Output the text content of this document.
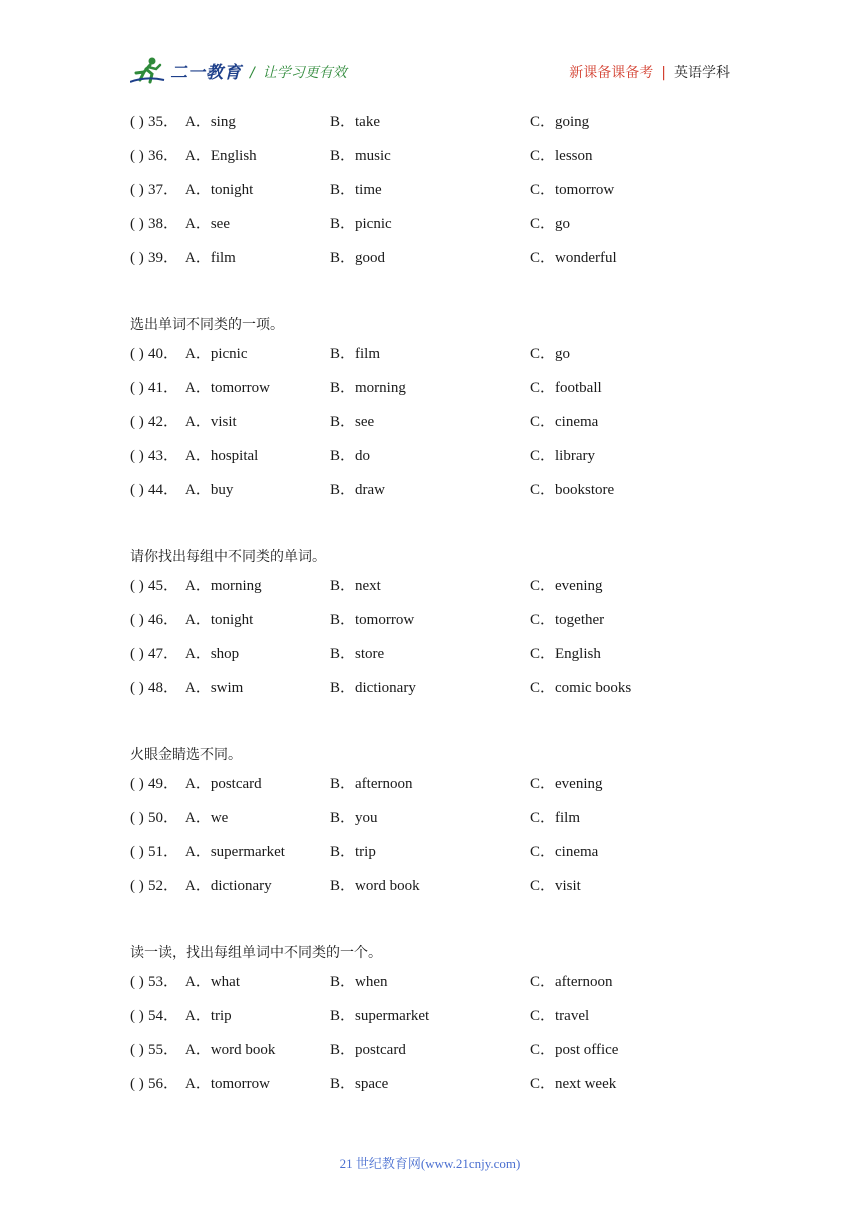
二一教育 / 让学习更有效	新课备课备考 | 英语学科
( ) 35． A．sing	B．take	C．going
( ) 36． A．English	B．music	C．lesson
( ) 37． A．tonight	B．time	C．tomorrow
( ) 38． A．see	B．picnic	C．go
( ) 39． A．film	B．good	C．wonderful
选出单词不同类的一项。
( ) 40． A．picnic	B．film	C．go
( ) 41． A．tomorrow	B．morning	C．football
( ) 42． A．visit	B．see	C．cinema
( ) 43． A．hospital	B．do	C．library
( ) 44． A．buy	B．draw	C．bookstore
请你找出每组中不同类的单词。
( ) 45． A．morning	B．next	C．evening
( ) 46． A．tonight	B．tomorrow	C．together
( ) 47． A．shop	B．store	C．English
( ) 48． A．swim	B．dictionary	C．comic books
火眼金睛选不同。
( ) 49． A．postcard	B．afternoon	C．evening
( ) 50． A．we	B．you	C．film
( ) 51． A．supermarket	B．trip	C．cinema
( ) 52． A．dictionary	B．word book	C．visit
读一读，找出每组单词中不同类的一个。
( ) 53． A．what	B．when	C．afternoon
( ) 54． A．trip	B．supermarket	C．travel
( ) 55． A．word book	B．postcard	C．post office
( ) 56． A．tomorrow	B．space	C．next week
21 世纪教育网(www.21cnjy.com)
